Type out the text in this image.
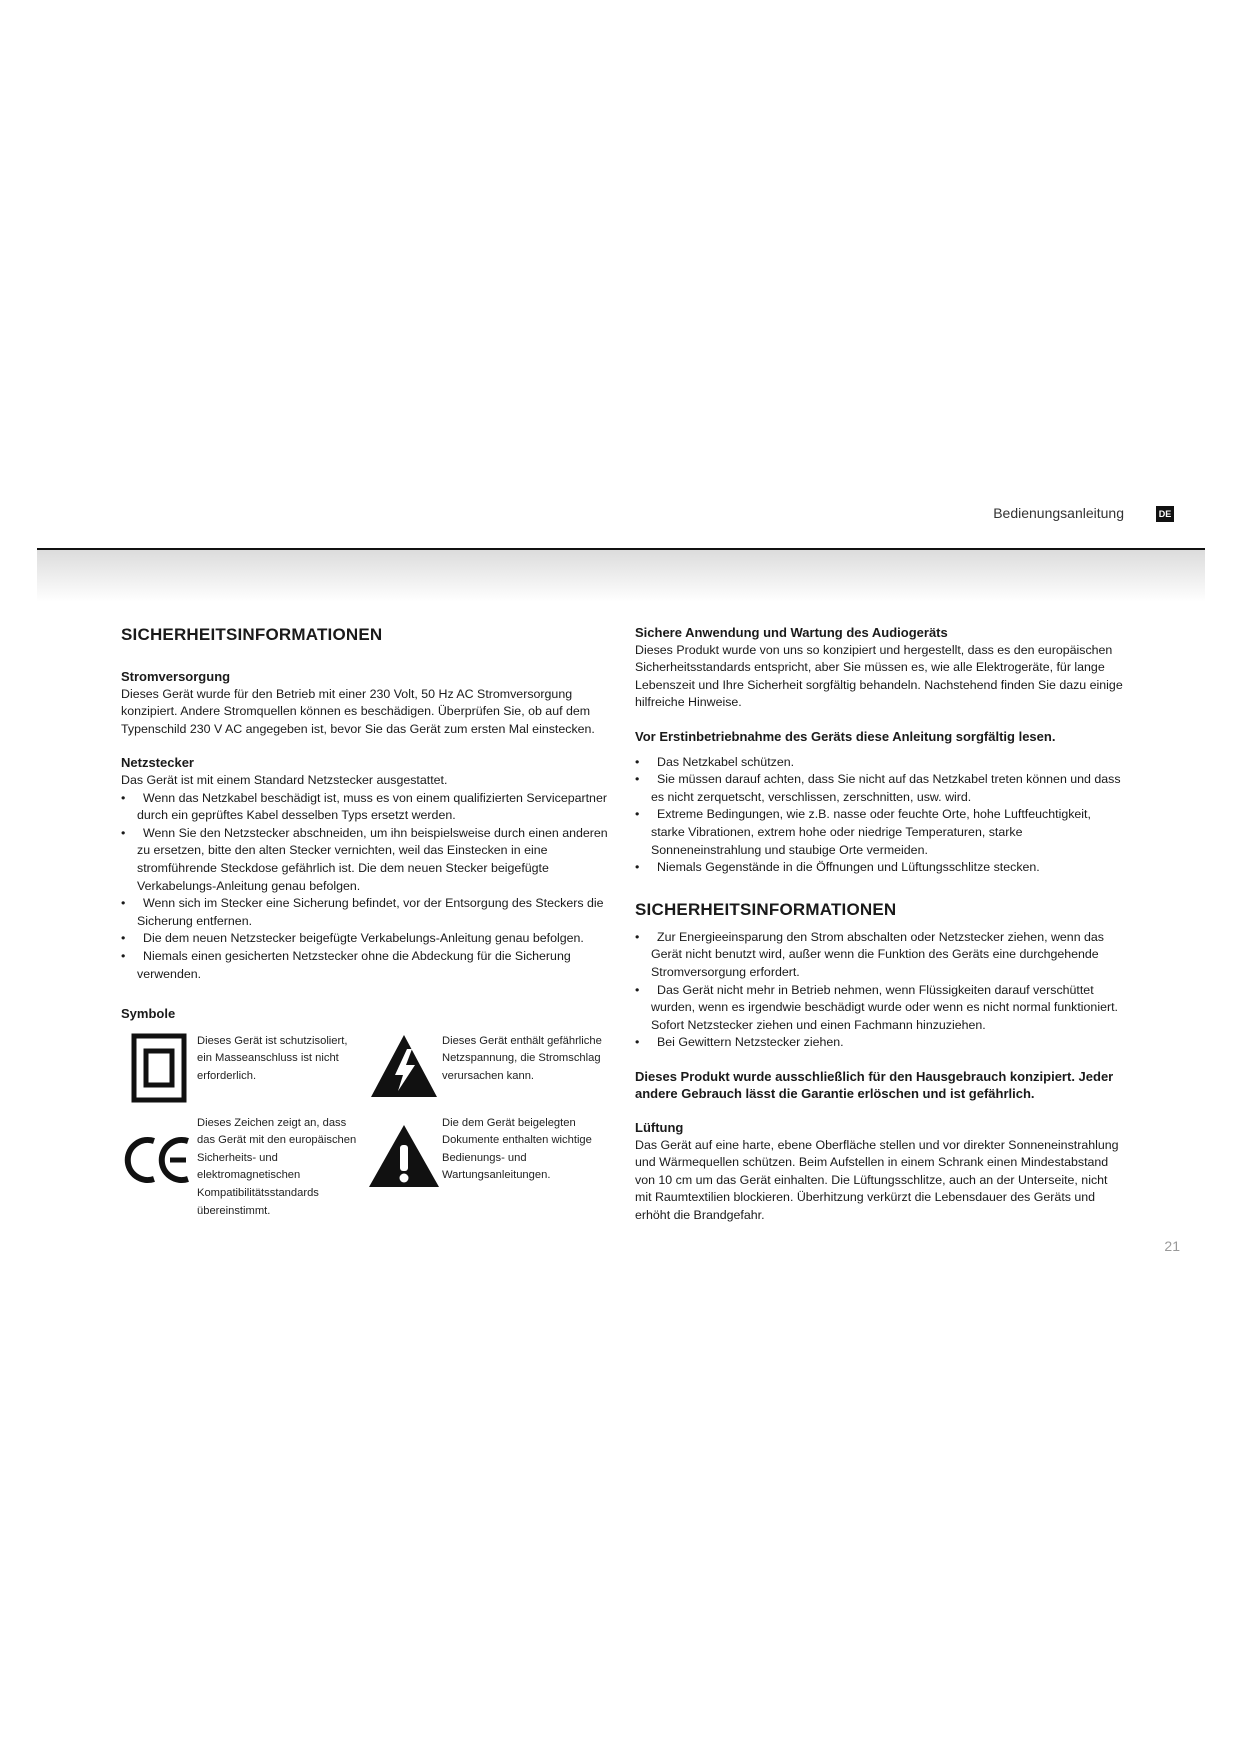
Bedienungsanleitung	DE
SICHERHEITSINFORMATIONEN
Stromversorgung

Dieses Gerät wurde für den Betrieb mit einer 230 Volt, 50 Hz AC Stromversorgung konzipiert. Andere Stromquellen können es beschädigen. Überprüfen Sie, ob auf dem Typenschild 230 V AC angegeben ist, bevor Sie das Gerät zum ersten Mal einstecken.

Netzstecker

Das Gerät ist mit einem Standard Netzstecker ausgestattet.

• Wenn das Netzkabel beschädigt ist, muss es von einem qualifizierten Servicepartner durch ein geprüftes Kabel desselben Typs ersetzt werden.
• Wenn Sie den Netzstecker abschneiden, um ihn beispielsweise durch einen anderen zu ersetzen, bitte den alten Stecker vernichten, weil das Einstecken in eine stromführende Steckdose gefährlich ist. Die dem neuen Stecker beigefügte Verkabelungs-Anleitung genau befolgen.
• Wenn sich im Stecker eine Sicherung befindet, vor der Entsorgung des Steckers die Sicherung entfernen.
• Die dem neuen Netzstecker beigefügte Verkabelungs-Anleitung genau befolgen.
• Niemals einen gesicherten Netzstecker ohne die Abdeckung für die Sicherung verwenden.
Symbole
Dieses Gerät ist schutzisoliert, ein Masseanschluss ist nicht erforderlich.
Dieses Gerät enthält gefährliche Netzspannung, die Stromschlag verursachen kann.
Dieses Zeichen zeigt an, dass das Gerät mit den europäischen Sicherheits- und elektromagnetischen Kompatibilitätsstandards übereinstimmt.
Die dem Gerät beigelegten Dokumente enthalten wichtige Bedienungs- und Wartungsanleitungen.
Sichere Anwendung und Wartung des Audiogeräts

Dieses Produkt wurde von uns so konzipiert und hergestellt, dass es den europäischen Sicherheitsstandards entspricht, aber Sie müssen es, wie alle Elektrogeräte, für lange Lebenszeit und Ihre Sicherheit sorgfältig behandeln. Nachstehend finden Sie dazu einige hilfreiche Hinweise.

Vor Erstinbetriebnahme des Geräts diese Anleitung sorgfältig lesen.
• Das Netzkabel schützen.
• Sie müssen darauf achten, dass Sie nicht auf das Netzkabel treten können und dass es nicht zerquetscht, verschlissen, zerschnitten, usw. wird.
• Extreme Bedingungen, wie z.B. nasse oder feuchte Orte, hohe Luftfeuchtigkeit, starke Vibrationen, extrem hohe oder niedrige Temperaturen, starke Sonneneinstrahlung und staubige Orte vermeiden.
• Niemals Gegenstände in die Öffnungen und Lüftungsschlitze stecken.
SICHERHEITSINFORMATIONEN
• Zur Energieeinsparung den Strom abschalten oder Netzstecker ziehen, wenn das Gerät nicht benutzt wird, außer wenn die Funktion des Geräts eine durchgehende Stromversorgung erfordert.
• Das Gerät nicht mehr in Betrieb nehmen, wenn Flüssigkeiten darauf verschüttet wurden, wenn es irgendwie beschädigt wurde oder wenn es nicht normal funktioniert. Sofort Netzstecker ziehen und einen Fachmann hinzuziehen.
• Bei Gewittern Netzstecker ziehen.

Dieses Produkt wurde ausschließlich für den Hausgebrauch konzipiert. Jeder andere Gebrauch lässt die Garantie erlöschen und ist gefährlich.

Lüftung

Das Gerät auf eine harte, ebene Oberfläche stellen und vor direkter Sonneneinstrahlung und Wärmequellen schützen. Beim Aufstellen in einem Schrank einen Mindestabstand von 10 cm um das Gerät einhalten. Die Lüftungsschlitze, auch an der Unterseite, nicht mit Raumtextilien blockieren. Überhitzung verkürzt die Lebensdauer des Geräts und erhöht die Brandgefahr.

21
